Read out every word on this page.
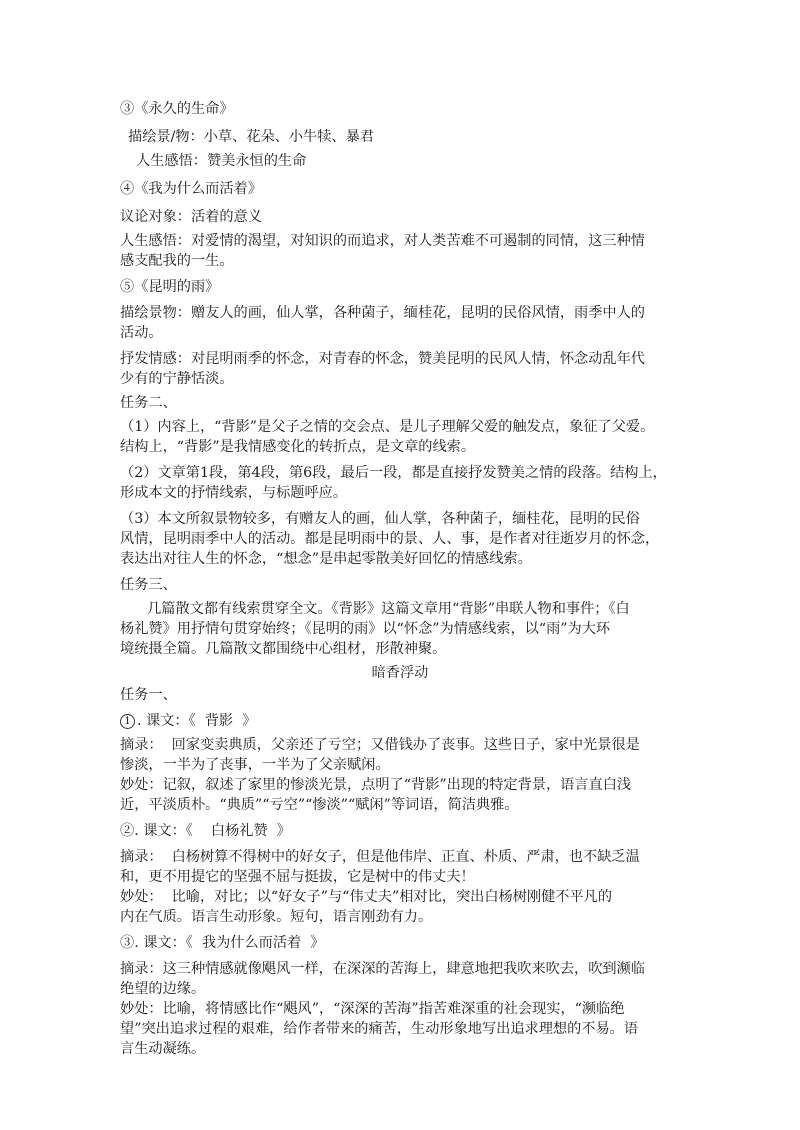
③《永久的生命》

描绘景/物：小草、花朵、小牛犊、暴君

人生感悟：赞美永恒的生命

④《我为什么而活着》

议论对象：活着的意义

人生感悟：对爱情的渴望，对知识的而追求，对人类苦难不可遏制的同情，这三种情

感支配我的一生。

⑤《昆明的雨》

描绘景物：赠友人的画，仙人掌，各种菌子，缅桂花，昆明的民俗风情，雨季中人的

活动。

抒发情感：对昆明雨季的怀念，对青春的怀念，赞美昆明的民风人情，怀念动乱年代

少有的宁静恬淡。

任务二、

（1）内容上，“背影”是父子之情的交会点、是儿子理解父爱的触发点，象征了父爱。

结构上，“背影”是我情感变化的转折点，是文章的线索。

（2）文章第1段，第4段，第6段，最后一段，都是直接抒发赞美之情的段落。结构上，

形成本文的抒情线索，与标题呼应。

（3）本文所叙景物较多，有赠友人的画，仙人掌，各种菌子，缅桂花，昆明的民俗

风情，昆明雨季中人的活动。都是昆明雨中的景、人、事，是作者对往逝岁月的怀念，

表达出对往人生的怀念，“想念”是串起零散美好回忆的情感线索。

任务三、

几篇散文都有线索贯穿全文。《背影》这篇文章用“背影”串联人物和事件；《白

杨礼赞》用抒情句贯穿始终；《昆明的雨》以“怀念”为情感线索，以“雨”为大环

境统摄全篇。几篇散文都围绕中心组材，形散神聚。

暗香浮动

任务一、

1 . 课文：《  背影  》

摘录：  回家变卖典质，父亲还了亏空；又借钱办了丧事。这些日子，家中光景很是

惨淡，一半为了丧事，一半为了父亲赋闲。

妙处：记叙，叙述了家里的惨淡光景，点明了“背影”出现的特定背景，语言直白浅

近，平淡质朴。“典质”“亏空”“惨淡”“赋闲”等词语，简洁典雅。

②. 课文：《    白杨礼赞  》

摘录：  白杨树算不得树中的好女子，但是他伟岸、正直、朴质、严肃，也不缺乏温

和，更不用提它的坚强不屈与挺拔，它是树中的伟丈夫！

妙处：  比喻，对比；以“好女子”与“伟丈夫”相对比，突出白杨树刚健不平凡的

内在气质。语言生动形象。短句，语言刚劲有力。

③. 课文：《  我为什么而活着  》

摘录：这三种情感就像飓风一样，在深深的苦海上，肆意地把我吹来吹去，吹到濒临

绝望的边缘。

妙处：比喻，将情感比作“飓风”，“深深的苦海”指苦难深重的社会现实，“濒临绝

望”突出追求过程的艰难，给作者带来的痛苦，生动形象地写出追求理想的不易。语

言生动凝练。
